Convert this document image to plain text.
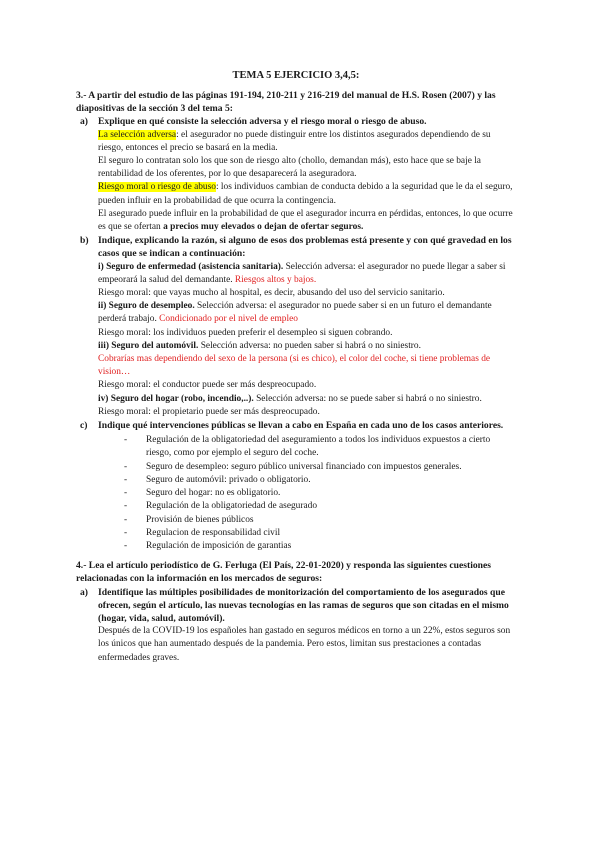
TEMA 5 EJERCICIO 3,4,5:

3.- A partir del estudio de las páginas 191-194, 210-211 y 216-219 del manual de H.S. Rosen (2007) y las diapositivas de la sección 3 del tema 5:

a) Explique en qué consiste la selección adversa y el riesgo moral o riesgo de abuso.

La selección adversa: el asegurador no puede distinguir entre los distintos asegurados dependiendo de su riesgo, entonces el precio se basará en la media.

El seguro lo contratan solo los que son de riesgo alto (chollo, demandan más), esto hace que se baje la rentabilidad de los oferentes, por lo que desaparecerá la aseguradora.

Riesgo moral o riesgo de abuso: los individuos cambian de conducta debido a la seguridad que le da el seguro, pueden influir en la probabilidad de que ocurra la contingencia.

El asegurado puede influir en la probabilidad de que el asegurador incurra en pérdidas, entonces, lo que ocurre es que se ofertan a precios muy elevados o dejan de ofertar seguros.

b) Indique, explicando la razón, si alguno de esos dos problemas está presente y con qué gravedad en los casos que se indican a continuación:

i) Seguro de enfermedad (asistencia sanitaria). Selección adversa: el asegurador no puede llegar a saber si empeorará la salud del demandante. Riesgos altos y bajos.

Riesgo moral: que vayas mucho al hospital, es decir, abusando del uso del servicio sanitario.

ii) Seguro de desempleo. Selección adversa: el asegurador no puede saber si en un futuro el demandante perderá trabajo. Condicionado por el nivel de empleo

Riesgo moral: los individuos pueden preferir el desempleo si siguen cobrando.

iii) Seguro del automóvil. Selección adversa: no pueden saber si habrá o no siniestro.

Cobrarías mas dependiendo del sexo de la persona (si es chico), el color del coche, si tiene problemas de vision…

Riesgo moral: el conductor puede ser más despreocupado.

iv) Seguro del hogar (robo, incendio,..). Selección adversa: no se puede saber si habrá o no siniestro.

Riesgo moral: el propietario puede ser más despreocupado.

c) Indique qué intervenciones públicas se llevan a cabo en España en cada uno de los casos anteriores.

- Regulación de la obligatoriedad del aseguramiento a todos los individuos expuestos a cierto riesgo, como por ejemplo el seguro del coche.
- Seguro de desempleo: seguro público universal financiado con impuestos generales.
- Seguro de automóvil: privado o obligatorio.
- Seguro del hogar: no es obligatorio.
- Regulación de la obligatoriedad de asegurado
- Provisión de bienes públicos
- Regulacion de responsabilidad civil
- Regulación de imposición de garantias

4.- Lea el artículo periodístico de G. Ferluga (El País, 22-01-2020) y responda las siguientes cuestiones relacionadas con la información en los mercados de seguros:

a) Identifique las múltiples posibilidades de monitorización del comportamiento de los asegurados que ofrecen, según el artículo, las nuevas tecnologías en las ramas de seguros que son citadas en el mismo (hogar, vida, salud, automóvil).

Después de la COVID-19 los españoles han gastado en seguros médicos en torno a un 22%, estos seguros son los únicos que han aumentado después de la pandemia. Pero estos, limitan sus prestaciones a contadas enfermedades graves.
